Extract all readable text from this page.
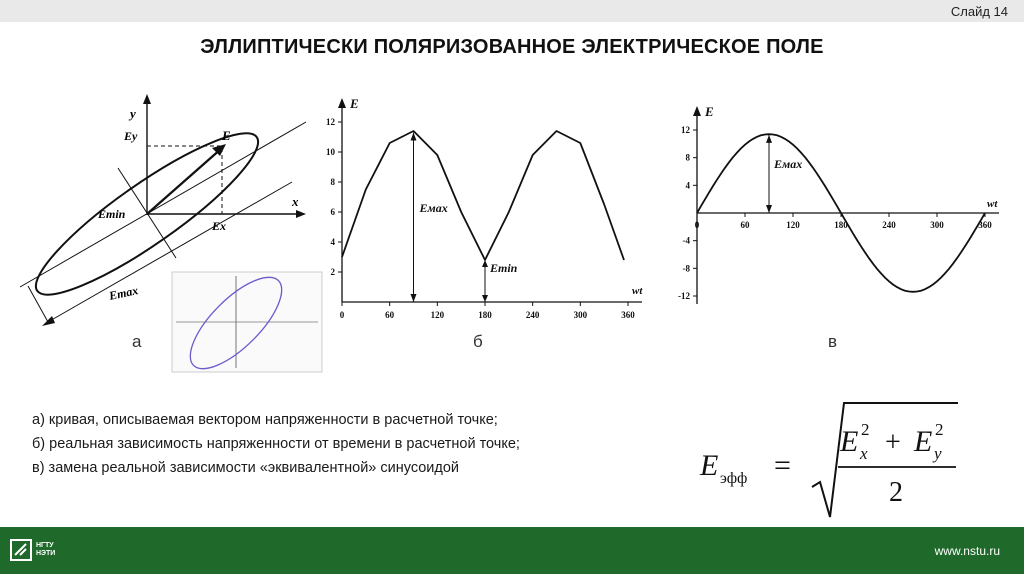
Слайд 14
ЭЛЛИПТИЧЕСКИ ПОЛЯРИЗОВАННОЕ ЭЛЕКТРИЧЕСКОЕ ПОЛЕ
y
x
Ey	E
Emin
Ex
Emax
а
E
wt
0	60	120	180	240	300	360
2
4
6
8
10
12
Eмах
Emin
б
E
wt
0	60	120	180	240	300	360
12
8
4
-4
-8
-12
Eмах
в
а) кривая, описываемая вектором напряженности в расчетной точке;
б) реальная зависимость напряженности от времени в расчетной точке;
в) замена реальной зависимости «эквивалентной» синусоидой	E эфф =
E x
2 + E y
2
2
НГТУ
НЭТИ	www.nstu.ru
